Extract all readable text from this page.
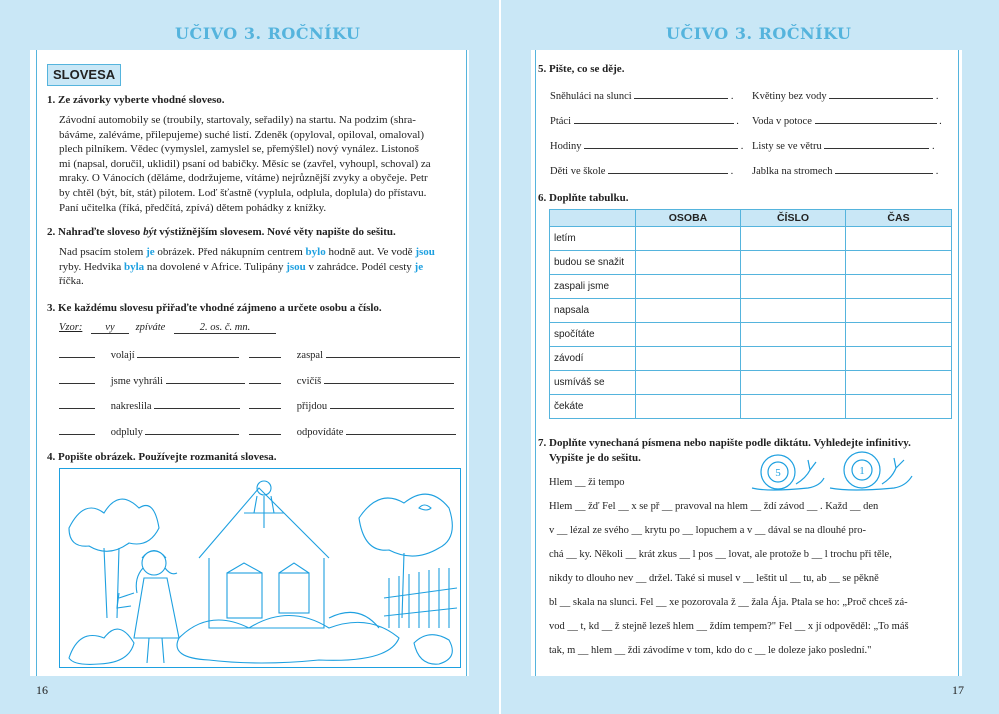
UČIVO 3. ROČNÍKU	UČIVO 3. ROČNÍKU
16	17
SLOVESA
1. Ze závorky vyberte vhodné sloveso.
Závodní automobily se (troubily, startovaly, seřadily) na startu. Na podzim (shra-
báváme, zaléváme, přilepujeme) suché listí. Zdeněk (opyloval, opiloval, omaloval)
plech pilníkem. Vědec (vymyslel, zamyslel se, přemýšlel) nový vynález. Listonoš
mi (napsal, doručil, uklidil) psaní od babičky. Měsíc se (zavřel, vyhoupl, schoval) za
mraky. O Vánocích (děláme, dodržujeme, vítáme) nejrůznější zvyky a obyčeje. Petr
by chtěl (být, bít, stát) pilotem. Loď šťastně (vyplula, odplula, doplula) do přístavu.
Paní učitelka (říká, předčítá, zpívá) dětem pohádky z knížky.
2. Nahraďte sloveso být výstižnějším slovesem. Nové věty napište do sešitu.
Nad psacím stolem je obrázek. Před nákupním centrem bylo hodně aut. Ve vodě jsou
ryby. Hedvika byla na dovolené v Africe. Tulipány jsou v zahrádce. Podél cesty je
říčka.
3. Ke každému slovesu přiřaďte vhodné zájmeno a určete osobu a číslo.
Vzor: vy zpíváte	2. os. č. mn.
volají	zaspal
jsme vyhráli	cvičíš
nakreslila	přijdou
odpluly	odpovídáte
4. Popište obrázek. Používejte rozmanitá slovesa.
5. Pište, co se děje.
Sněhuláci na slunci	. Květiny bez vody	.
Ptáci	. Voda v potoce	.
Hodiny	. Listy se ve větru	.
Děti ve škole	. Jablka na stromech	.
6. Doplňte tabulku.
	OSOBA	ČÍSLO	ČAS
letím			
budou se snažit			
zaspali jsme			
napsala			
spočítáte			
závodí			
usmíváš se			
čekáte			
7. Doplňte vynechaná písmena nebo napište podle diktátu. Vyhledejte infinitivy.
Vypište je do sešitu.
5	1
Hlem __ ži tempo
Hlem __ žď Fel __ x se př __ pravoval na hlem __ ždí závod __ . Každ __ den
v __ lézal ze svého __ krytu po __ lopuchem a v __ dával se na dlouhé pro-
chá __ ky. Několi __ krát zkus __ l pos __ lovat, ale protože b __ l trochu při těle,
nikdy to dlouho nev __ držel. Také si musel v __ leštit ul __ tu, ab __ se pěkně
bl __ skala na slunci. Fel __ xe pozorovala ž __ žala Ája. Ptala se ho: „Proč chceš zá-
vod __ t, kd __ ž stejně lezeš hlem __ ždím tempem?" Fel __ x jí odpověděl: „To máš
tak, m __ hlem __ ždi závodíme v tom, kdo do c __ le doleze jako poslední."
